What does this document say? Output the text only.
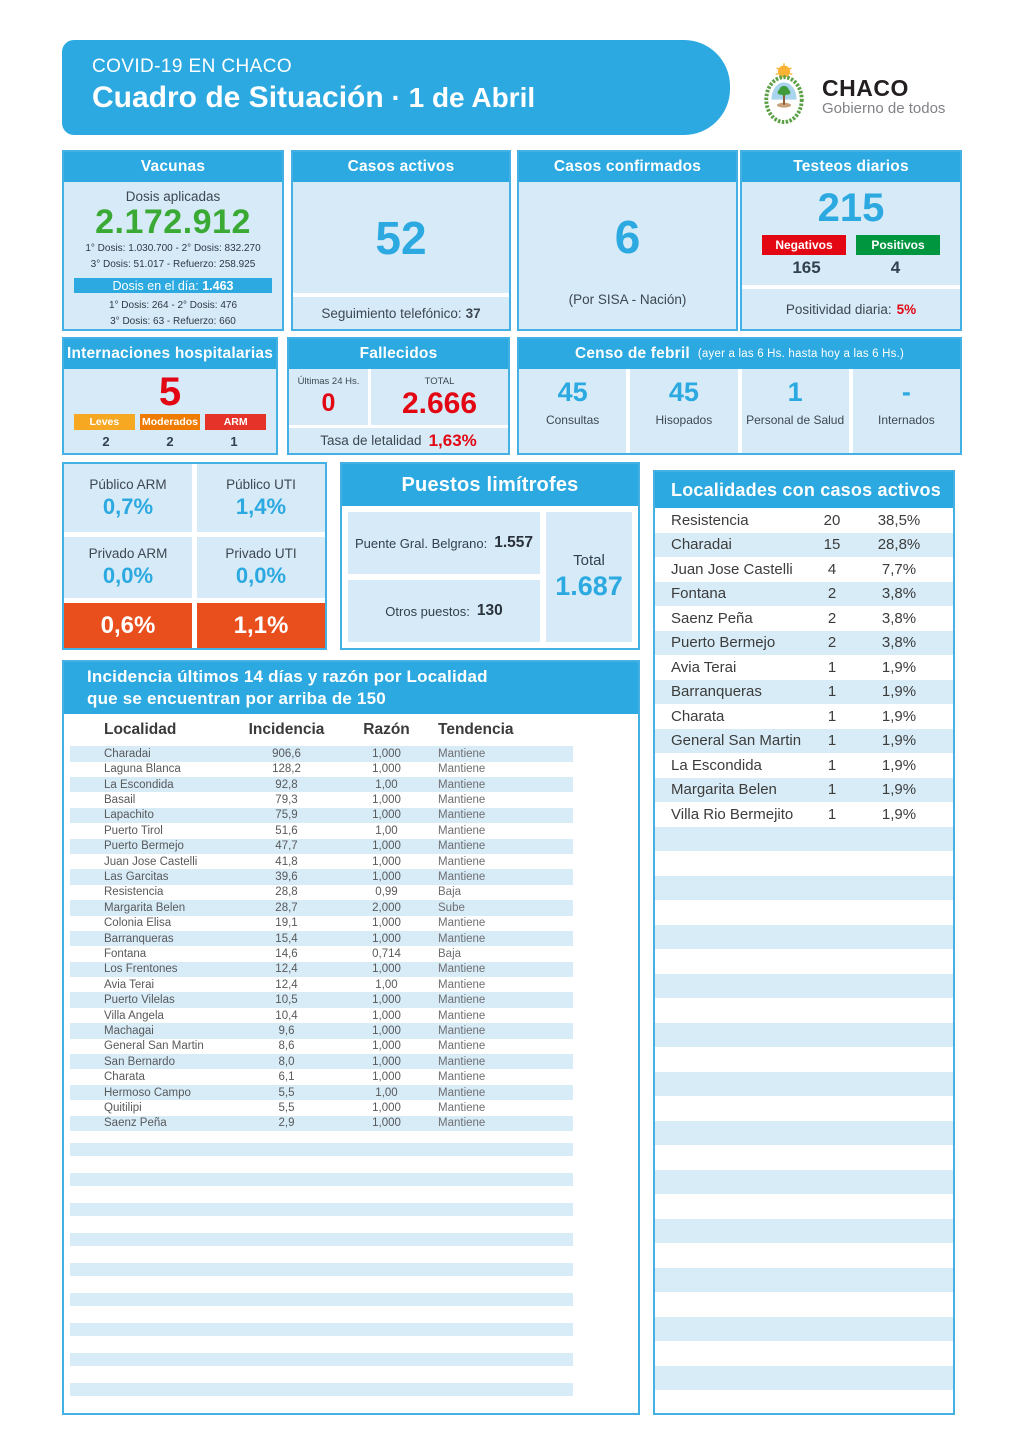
COVID-19 EN CHACO
Cuadro de Situación · 1 de Abril	CHACO
Gobierno de todos
Vacunas
Dosis aplicadas
2.172.912
1° Dosis: 1.030.700 - 2° Dosis: 832.270
3° Dosis: 51.017 - Refuerzo: 258.925
Dosis en el día:
1.463
1° Dosis: 264 - 2° Dosis: 476
3° Dosis: 63 - Refuerzo: 660
Casos activos
52
Seguimiento telefónico: 37
Casos confirmados
6
(Por SISA - Nación)
Testeos diarios
215
Negativos	Positivos
165	4
Positividad diaria: 5%
Internaciones hospitalarias
5
Leves	Moderados	ARM
2	2	1
Fallecidos
Últimas 24 Hs.
0
TOTAL
2.666
Tasa de letalidad 1,63%
Censo de febril (ayer a las 6 Hs. hasta hoy a las 6 Hs.)
45
Consultas
45
Hisopados
1
Personal de Salud
-
Internados
Público ARM
0,7%
Público UTI
1,4%
Privado ARM
0,0%
Privado UTI
0,0%
0,6%	1,1%
Puestos limítrofes
Puente Gral. Belgrano: 1.557
Otros puestos: 130
Total
1.687
Localidades con casos activos
Resistencia	20	38,5%
Charadai	15	28,8%
Juan Jose Castelli	4	7,7%
Fontana	2	3,8%
Saenz Peña	2	3,8%
Puerto Bermejo	2	3,8%
Avia Terai	1	1,9%
Barranqueras	1	1,9%
Charata	1	1,9%
General San Martin	1	1,9%
La Escondida	1	1,9%
Margarita Belen	1	1,9%
Villa Rio Bermejito	1	1,9%
Incidencia últimos 14 días y razón por Localidad
que se encuentran por arriba de 150
Localidad	Incidencia	Razón	Tendencia
Charadai	906,6	1,000	Mantiene
Laguna Blanca	128,2	1,000	Mantiene
La Escondida	92,8	1,00	Mantiene
Basail	79,3	1,000	Mantiene
Lapachito	75,9	1,000	Mantiene
Puerto Tirol	51,6	1,00	Mantiene
Puerto Bermejo	47,7	1,000	Mantiene
Juan Jose Castelli	41,8	1,000	Mantiene
Las Garcitas	39,6	1,000	Mantiene
Resistencia	28,8	0,99	Baja
Margarita Belen	28,7	2,000	Sube
Colonia Elisa	19,1	1,000	Mantiene
Barranqueras	15,4	1,000	Mantiene
Fontana	14,6	0,714	Baja
Los Frentones	12,4	1,000	Mantiene
Avia Terai	12,4	1,00	Mantiene
Puerto Vilelas	10,5	1,000	Mantiene
Villa Angela	10,4	1,000	Mantiene
Machagai	9,6	1,000	Mantiene
General San Martin	8,6	1,000	Mantiene
San Bernardo	8,0	1,000	Mantiene
Charata	6,1	1,000	Mantiene
Hermoso Campo	5,5	1,00	Mantiene
Quitilipi	5,5	1,000	Mantiene
Saenz Peña	2,9	1,000	Mantiene
